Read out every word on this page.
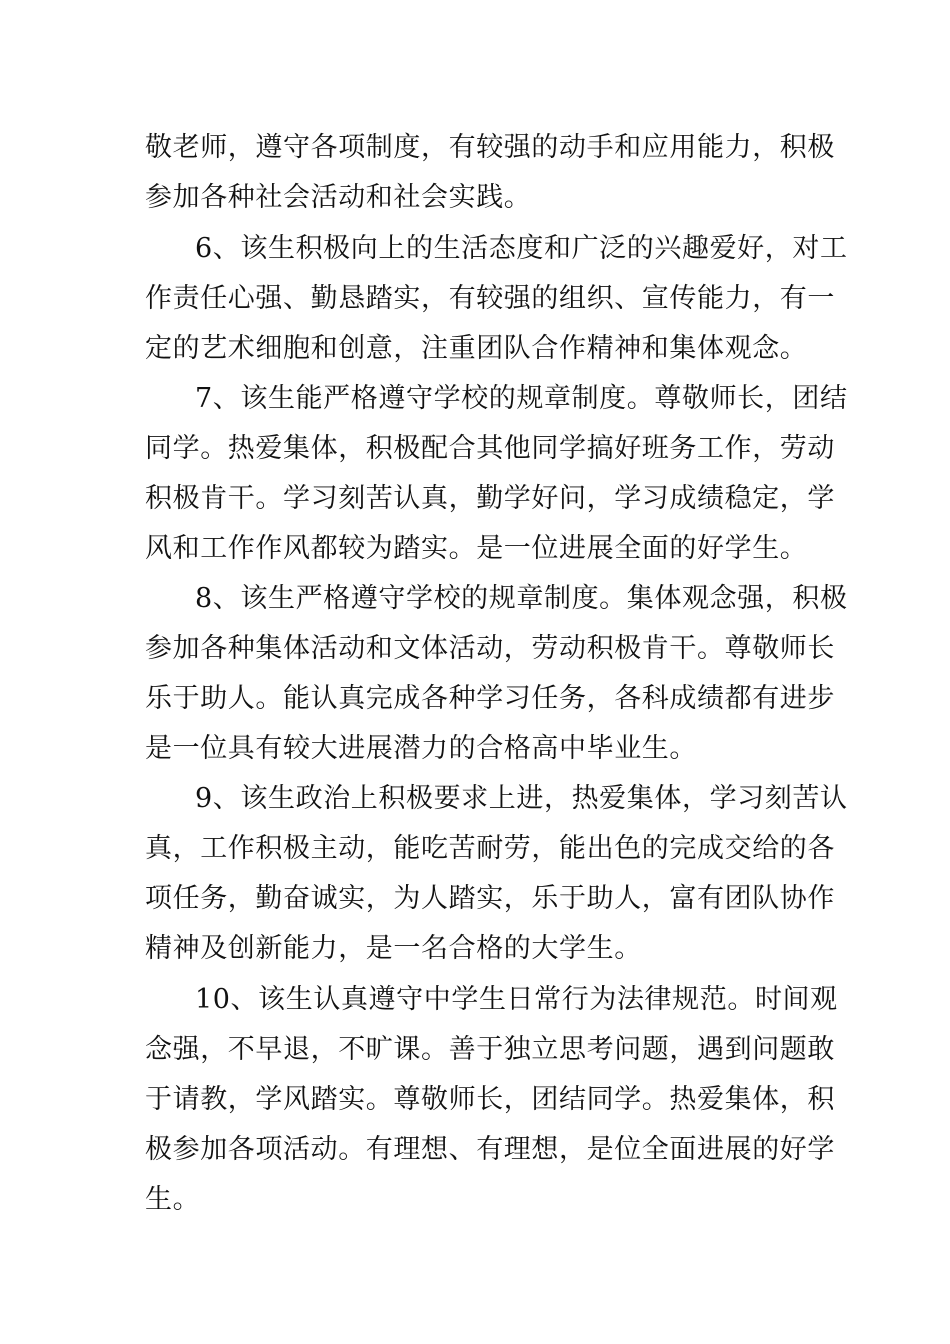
敬老师，遵守各项制度，有较强的动手和应用能力，积极
参加各种社会活动和社会实践。
6、该生积极向上的生活态度和广泛的兴趣爱好，对工
作责任心强、勤恳踏实，有较强的组织、宣传能力，有一
定的艺术细胞和创意，注重团队合作精神和集体观念。
7、该生能严格遵守学校的规章制度。尊敬师长，团结
同学。热爱集体，积极配合其他同学搞好班务工作，劳动
积极肯干。学习刻苦认真，勤学好问，学习成绩稳定，学
风和工作作风都较为踏实。是一位进展全面的好学生。
8、该生严格遵守学校的规章制度。集体观念强，积极
参加各种集体活动和文体活动，劳动积极肯干。尊敬师长
乐于助人。能认真完成各种学习任务，各科成绩都有进步
是一位具有较大进展潜力的合格高中毕业生。
9、该生政治上积极要求上进，热爱集体，学习刻苦认
真，工作积极主动，能吃苦耐劳，能出色的完成交给的各
项任务，勤奋诚实，为人踏实，乐于助人，富有团队协作
精神及创新能力，是一名合格的大学生。
10、该生认真遵守中学生日常行为法律规范。时间观
念强，不早退，不旷课。善于独立思考问题，遇到问题敢
于请教，学风踏实。尊敬师长，团结同学。热爱集体，积
极参加各项活动。有理想、有理想，是位全面进展的好学
生。
